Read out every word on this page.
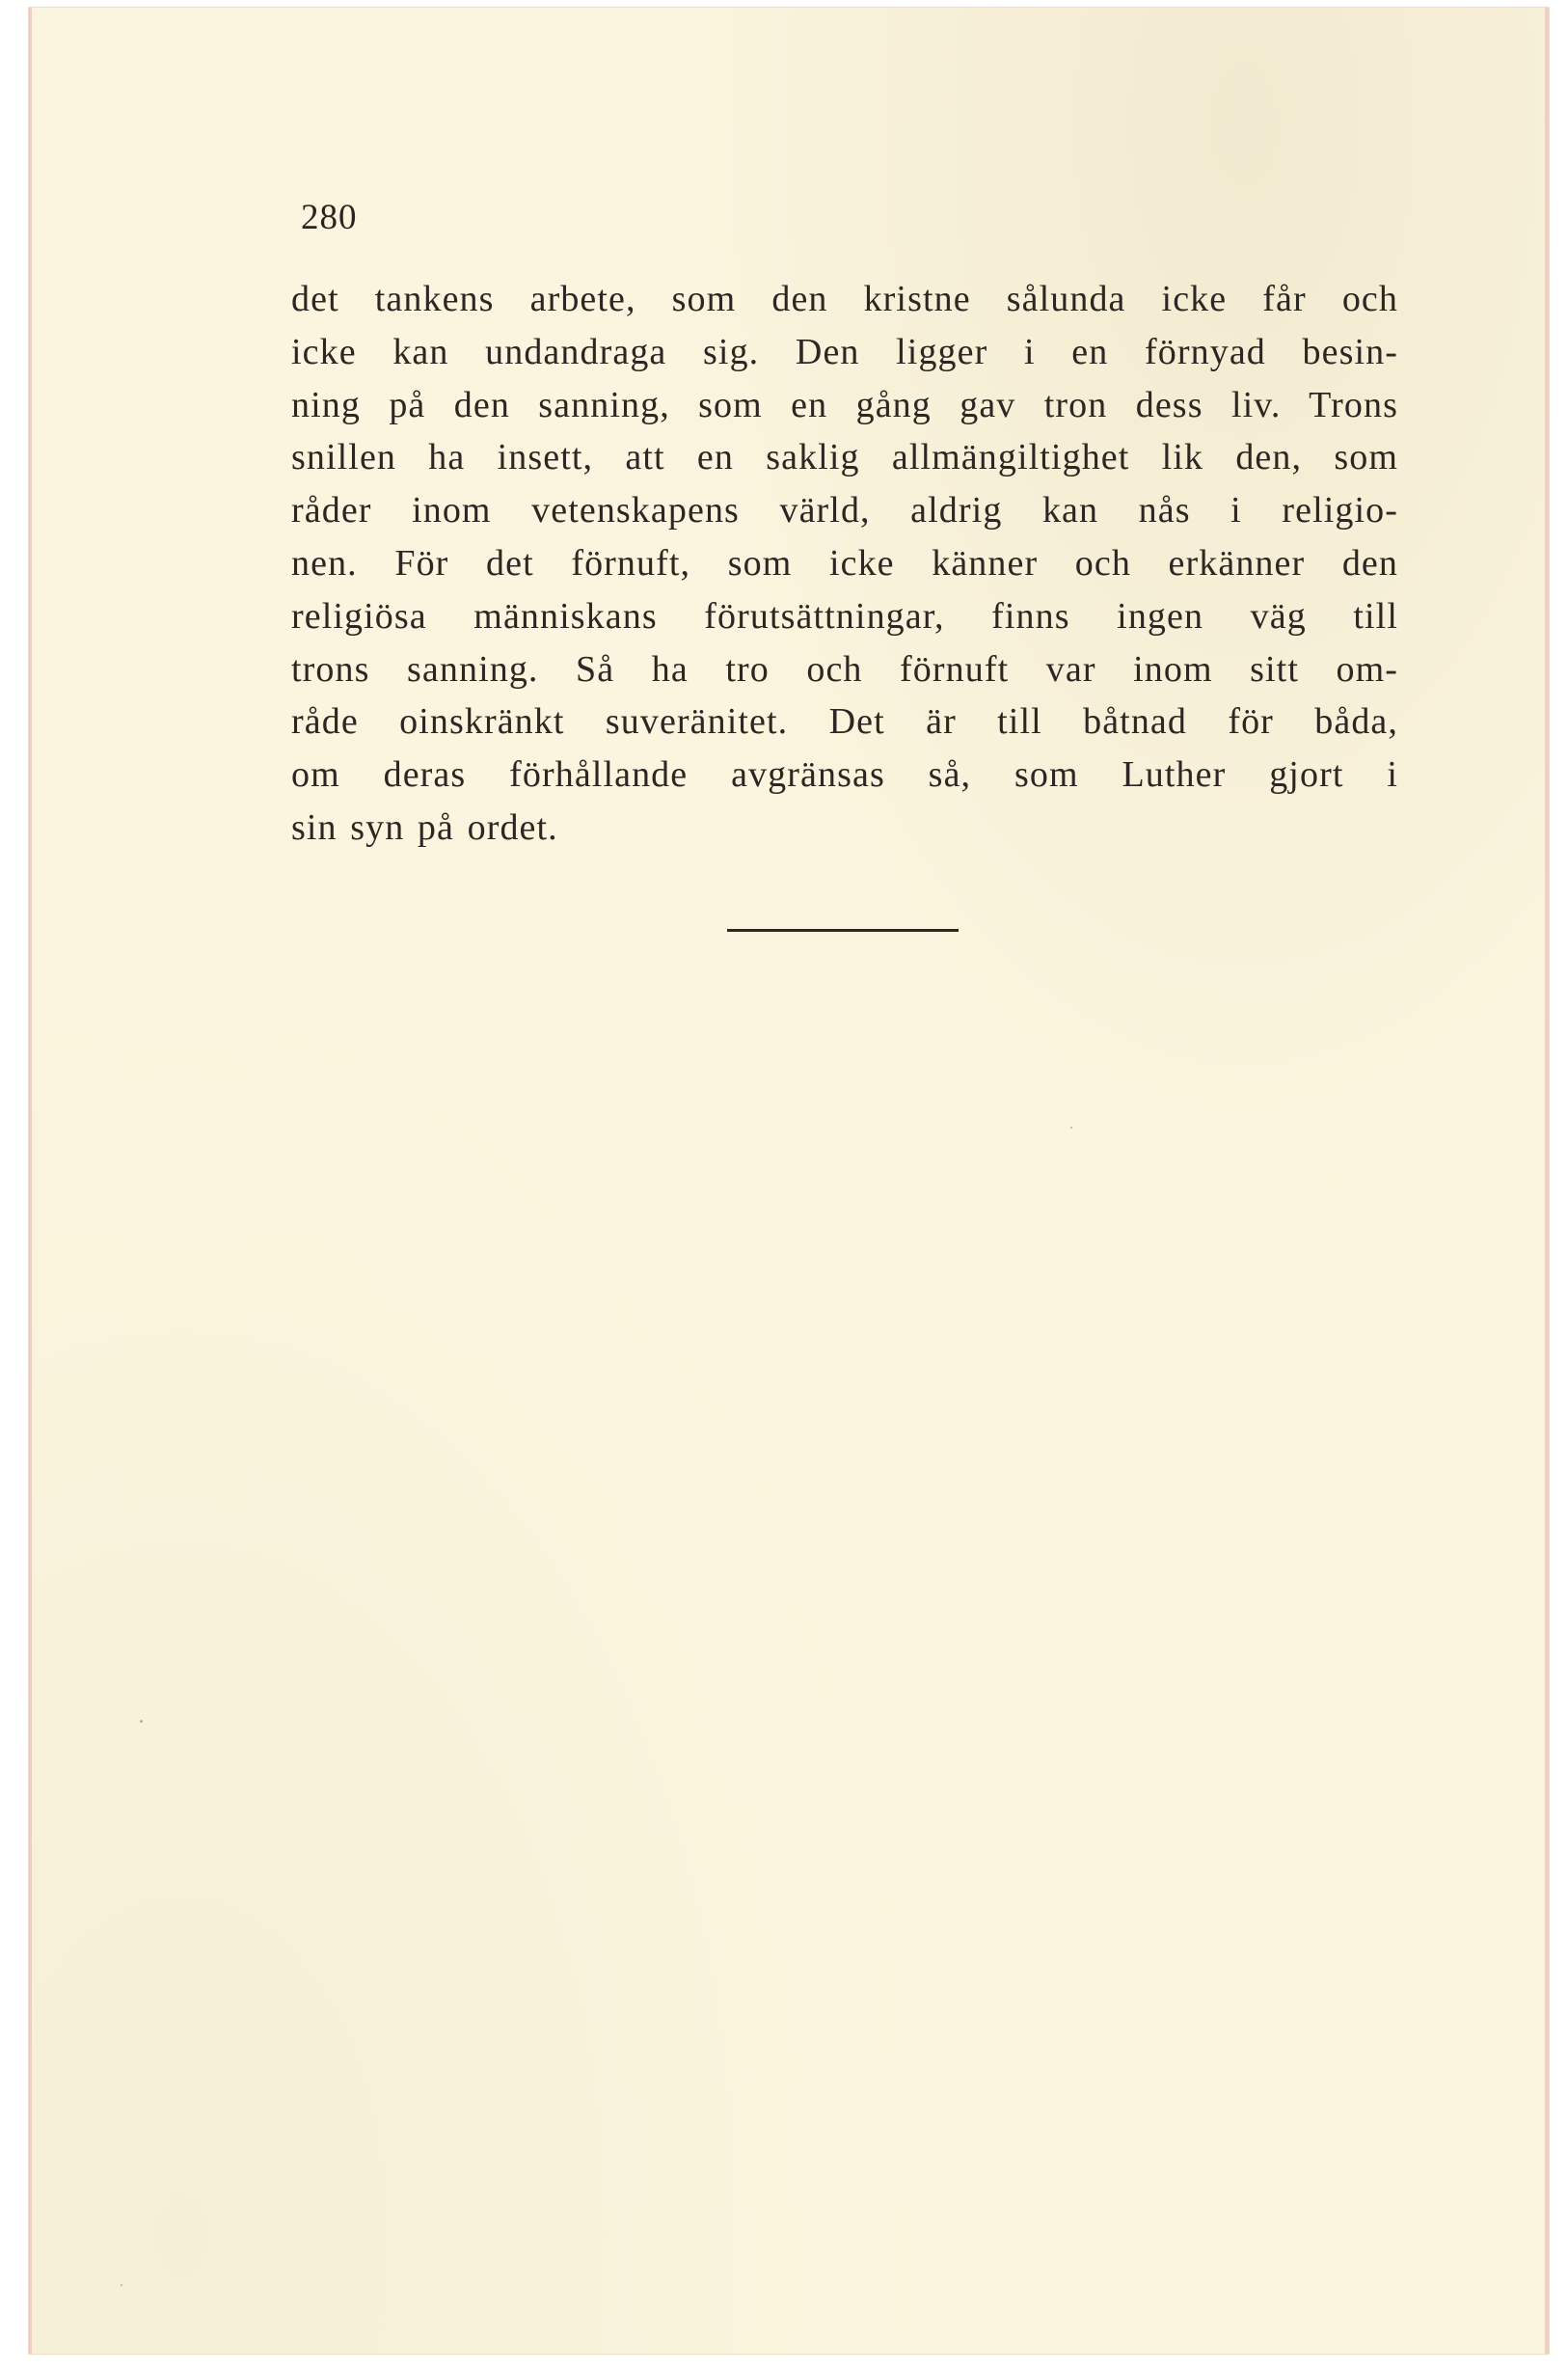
280

det tankens arbete, som den kristne sålunda icke får och
icke kan undandraga sig. Den ligger i en förnyad besin-
ning på den sanning, som en gång gav tron dess liv. Trons
snillen ha insett, att en saklig allmängiltighet lik den, som
råder inom vetenskapens värld, aldrig kan nås i religio-
nen. För det förnuft, som icke känner och erkänner den
religiösa människans förutsättningar, finns ingen väg till
trons sanning. Så ha tro och förnuft var inom sitt om-
råde oinskränkt suveränitet. Det är till båtnad för båda,
om deras förhållande avgränsas så, som Luther gjort i
sin syn på ordet.
